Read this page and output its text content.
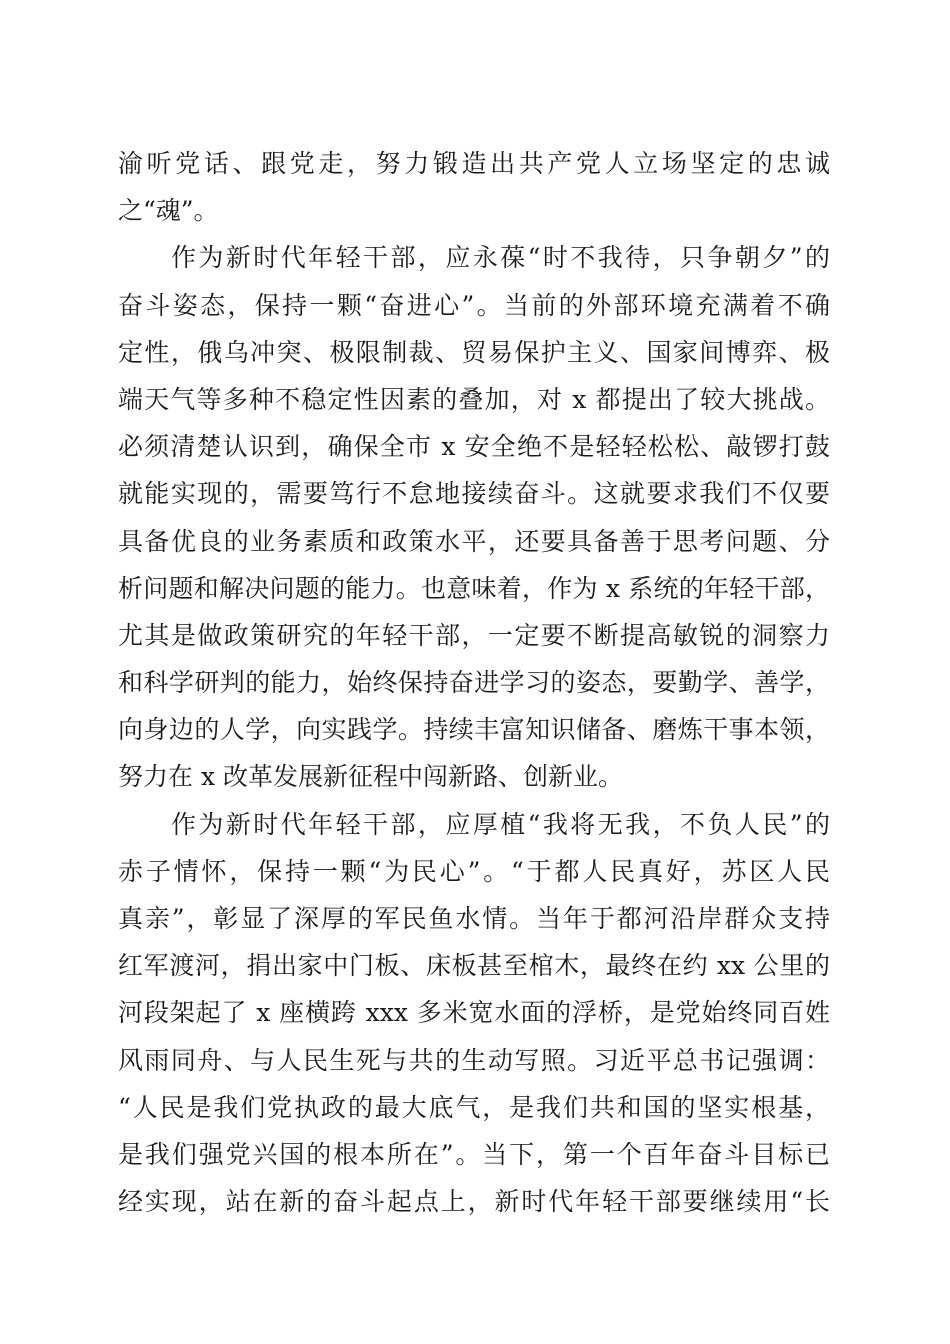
渝听党话、跟党走，努力锻造出共产党人立场坚定的忠诚
之“魂”。
作为新时代年轻干部，应永葆“时不我待，只争朝夕”的
奋斗姿态，保持一颗“奋进心”。当前的外部环境充满着不确
定性，俄乌冲突、极限制裁、贸易保护主义、国家间博弈、极
端天气等多种不稳定性因素的叠加，对 x 都提出了较大挑战。
必须清楚认识到，确保全市 x 安全绝不是轻轻松松、敲锣打鼓
就能实现的，需要笃行不怠地接续奋斗。这就要求我们不仅要
具备优良的业务素质和政策水平，还要具备善于思考问题、分
析问题和解决问题的能力。也意味着，作为 x 系统的年轻干部，
尤其是做政策研究的年轻干部，一定要不断提高敏锐的洞察力
和科学研判的能力，始终保持奋进学习的姿态，要勤学、善学，
向身边的人学，向实践学。持续丰富知识储备、磨炼干事本领，
努力在 x 改革发展新征程中闯新路、创新业。
作为新时代年轻干部，应厚植“我将无我，不负人民”的
赤子情怀，保持一颗“为民心”。“于都人民真好，苏区人民
真亲”，彰显了深厚的军民鱼水情。当年于都河沿岸群众支持
红军渡河，捐出家中门板、床板甚至棺木，最终在约 xx 公里的
河段架起了 x 座横跨 xxx 多米宽水面的浮桥，是党始终同百姓
风雨同舟、与人民生死与共的生动写照。习近平总书记强调：
“人民是我们党执政的最大底气，是我们共和国的坚实根基，
是我们强党兴国的根本所在”。当下，第一个百年奋斗目标已
经实现，站在新的奋斗起点上，新时代年轻干部要继续用“长
